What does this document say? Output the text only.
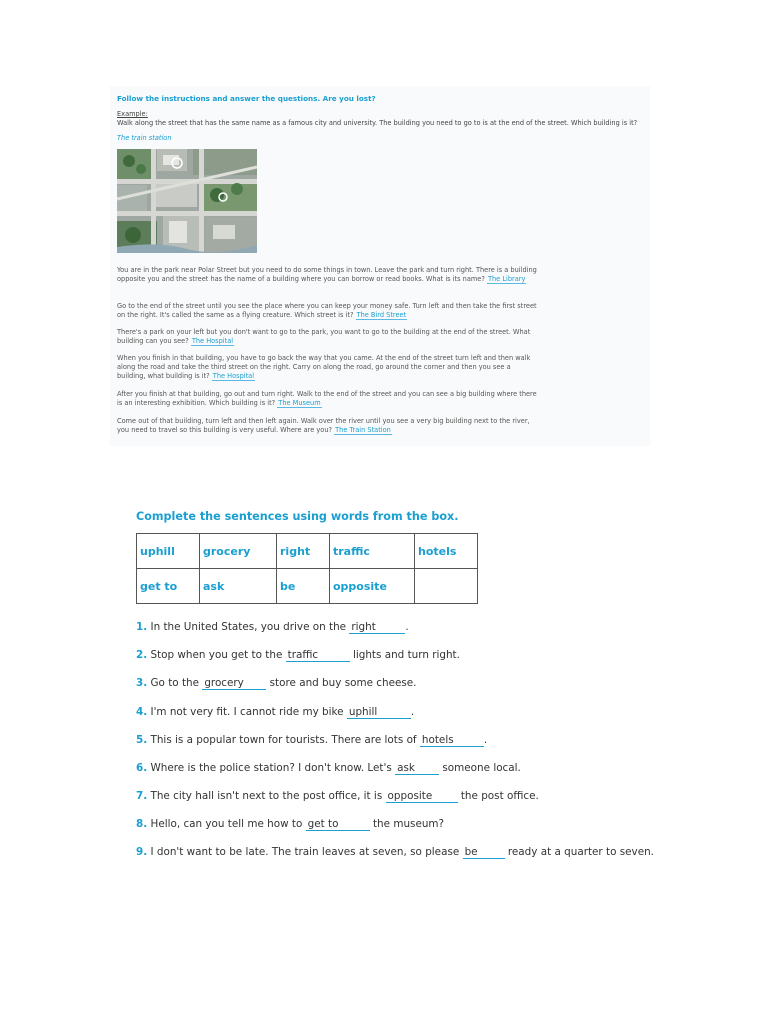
Follow the instructions and answer the questions. Are you lost?
Example:
Walk along the street that has the same name as a famous city and university. The building you need to go to is at the end of the street. Which building is it?
The train station
You are in the park near Polar Street but you need to do some things in town. Leave the park and turn right. There is a building opposite you and the street has the name of a building where you can borrow or read books. What is its name? The Library
Go to the end of the street until you see the place where you can keep your money safe. Turn left and then take the first street on the right. It's called the same as a flying creature. Which street is it? The Bird Street
There's a park on your left but you don't want to go to the park, you want to go to the building at the end of the street. What building can you see? The Hospital
When you finish in that building, you have to go back the way that you came. At the end of the street turn left and then walk along the road and take the third street on the right. Carry on along the road, go around the corner and then you see a building, what building is it? The Hospital
After you finish at that building, go out and turn right. Walk to the end of the street and you can see a big building where there is an interesting exhibition. Which building is it? The Museum
Come out of that building, turn left and then left again. Walk over the river until you see a very big building next to the river, you need to travel so this building is very useful. Where are you? The Train Station
Complete the sentences using words from the box.
uphill	grocery	right	traffic	hotels
get to	ask	be	opposite	
1. In the United States, you drive on the right	.
2. Stop when you get to the traffic	lights and turn right.
3. Go to the grocery store and buy some cheese.
4. I'm not very fit. I cannot ride my bike uphill	.
5. This is a popular town for tourists. There are lots of hotels	.
6. Where is the police station? I don't know. Let's ask	someone local.
7. The city hall isn't next to the post office, it is opposite	the post office.
8. Hello, can you tell me how to get to	the museum?
9. I don't want to be late. The train leaves at seven, so please be	ready at a quarter to seven.
